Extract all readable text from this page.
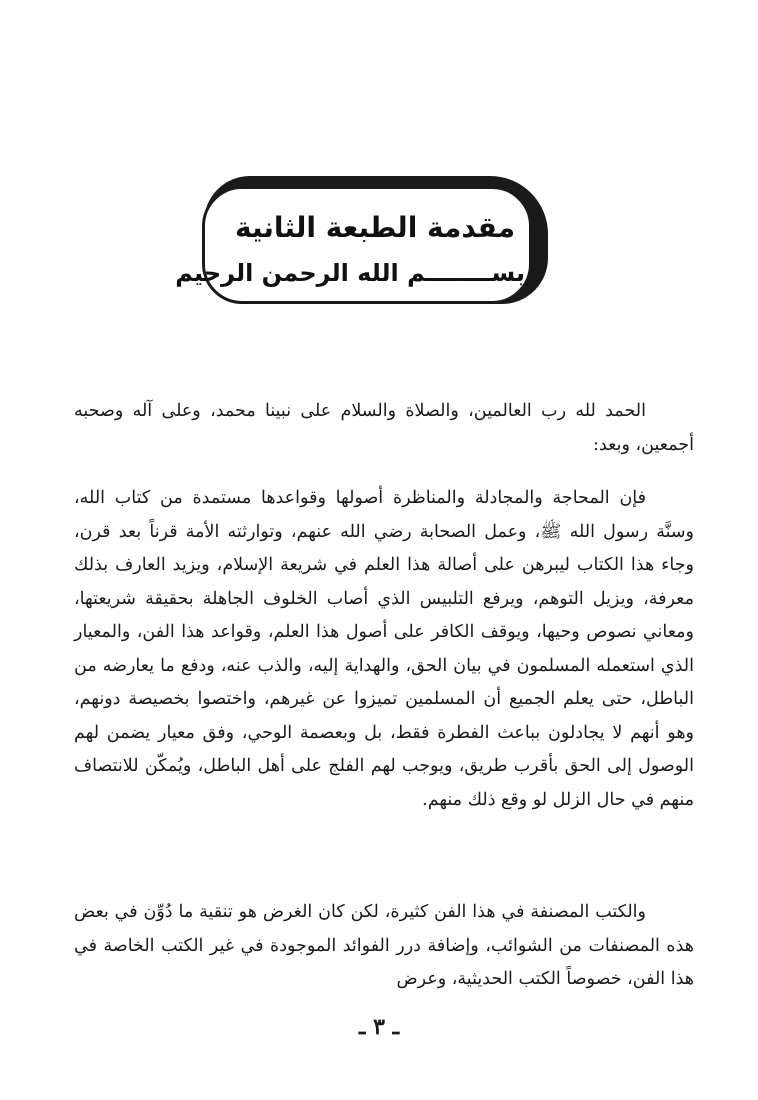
مقدمة الطبعة الثانية
بســــــــم الله الرحمن الرحيم

الحمد لله رب العالمين، والصلاة والسلام على نبينا محمد، وعلى آله وصحبه أجمعين، وبعد:

فإن المحاجة والمجادلة والمناظرة أصولها وقواعدها مستمدة من كتاب الله، وسنَّة رسول الله ﷺ، وعمل الصحابة رضي الله عنهم، وتوارثته الأمة قرناً بعد قرن، وجاء هذا الكتاب ليبرهن على أصالة هذا العلم في شريعة الإسلام، ويزيد العارف بذلك معرفة، ويزيل التوهم، ويرفع التلبيس الذي أصاب الخلوف الجاهلة بحقيقة شريعتها، ومعاني نصوص وحيها، ويوقف الكافر على أصول هذا العلم، وقواعد هذا الفن، والمعيار الذي استعمله المسلمون في بيان الحق، والهداية إليه، والذب عنه، ودفع ما يعارضه من الباطل، حتى يعلم الجميع أن المسلمين تميزوا عن غيرهم، واختصوا بخصيصة دونهم، وهو أنهم لا يجادلون بباعث الفطرة فقط، بل وبعصمة الوحي، وفق معيار يضمن لهم الوصول إلى الحق بأقرب طريق، ويوجب لهم الفلج على أهل الباطل، ويُمكّن للانتصاف منهم في حال الزلل لو وقع ذلك منهم.

والكتب المصنفة في هذا الفن كثيرة، لكن كان الغرض هو تنقية ما دُوِّن في بعض هذه المصنفات من الشوائب، وإضافة درر الفوائد الموجودة في غير الكتب الخاصة في هذا الفن، خصوصاً الكتب الحديثية، وعرض

ـ ٣ ـ
